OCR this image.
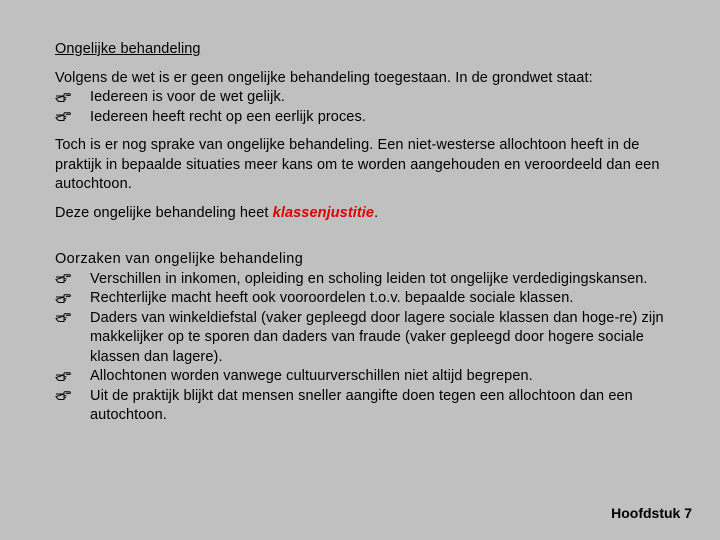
Ongelijke behandeling

Volgens de wet is er geen ongelijke behandeling toegestaan. In de grondwet staat:

Iedereen is voor de wet gelijk.
Iedereen heeft recht op een eerlijk proces.

Toch is er nog sprake van ongelijke behandeling. Een niet-westerse allochtoon heeft in de praktijk in bepaalde situaties meer kans om te worden aangehouden en veroordeeld dan een autochtoon.

Deze ongelijke behandeling heet klassenjustitie.

Oorzaken van ongelijke behandeling

Verschillen in inkomen, opleiding en scholing leiden tot ongelijke verdedigingskansen.
Rechterlijke macht heeft ook vooroordelen t.o.v. bepaalde sociale klassen.
Daders van winkeldiefstal (vaker gepleegd door lagere sociale klassen dan hoge-re) zijn makkelijker op te sporen dan daders van fraude (vaker gepleegd door hogere sociale klassen dan lagere).
Allochtonen worden vanwege cultuurverschillen niet altijd begrepen.
Uit de praktijk blijkt dat mensen sneller aangifte doen tegen een allochtoon dan een autochtoon.
Hoofdstuk 7
